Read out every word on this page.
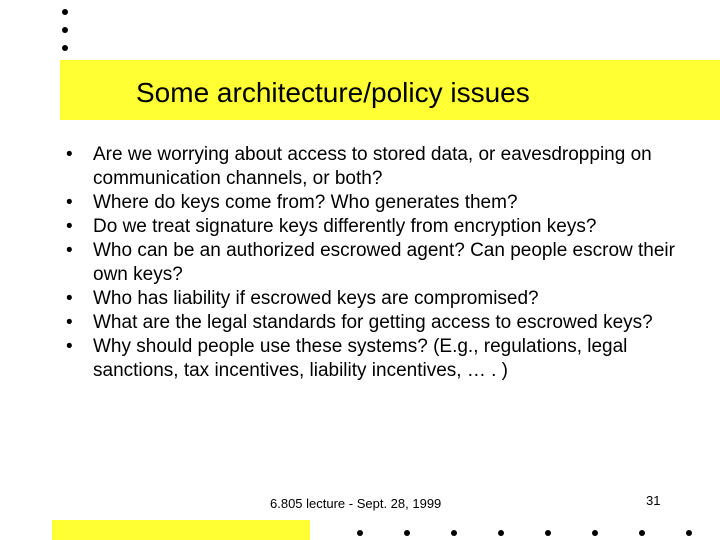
Some architecture/policy issues
• Are we worrying about access to stored data, or eavesdropping on communication channels, or both?
• Where do keys come from? Who generates them?
• Do we treat signature keys differently from encryption keys?
• Who can be an authorized escrowed agent? Can people escrow their own keys?
• Who has liability if escrowed keys are compromised?
• What are the legal standards for getting access to escrowed keys?
• Why should people use these systems? (E.g., regulations, legal sanctions, tax incentives, liability incentives, … . )
6.805 lecture - Sept. 28, 1999	31
